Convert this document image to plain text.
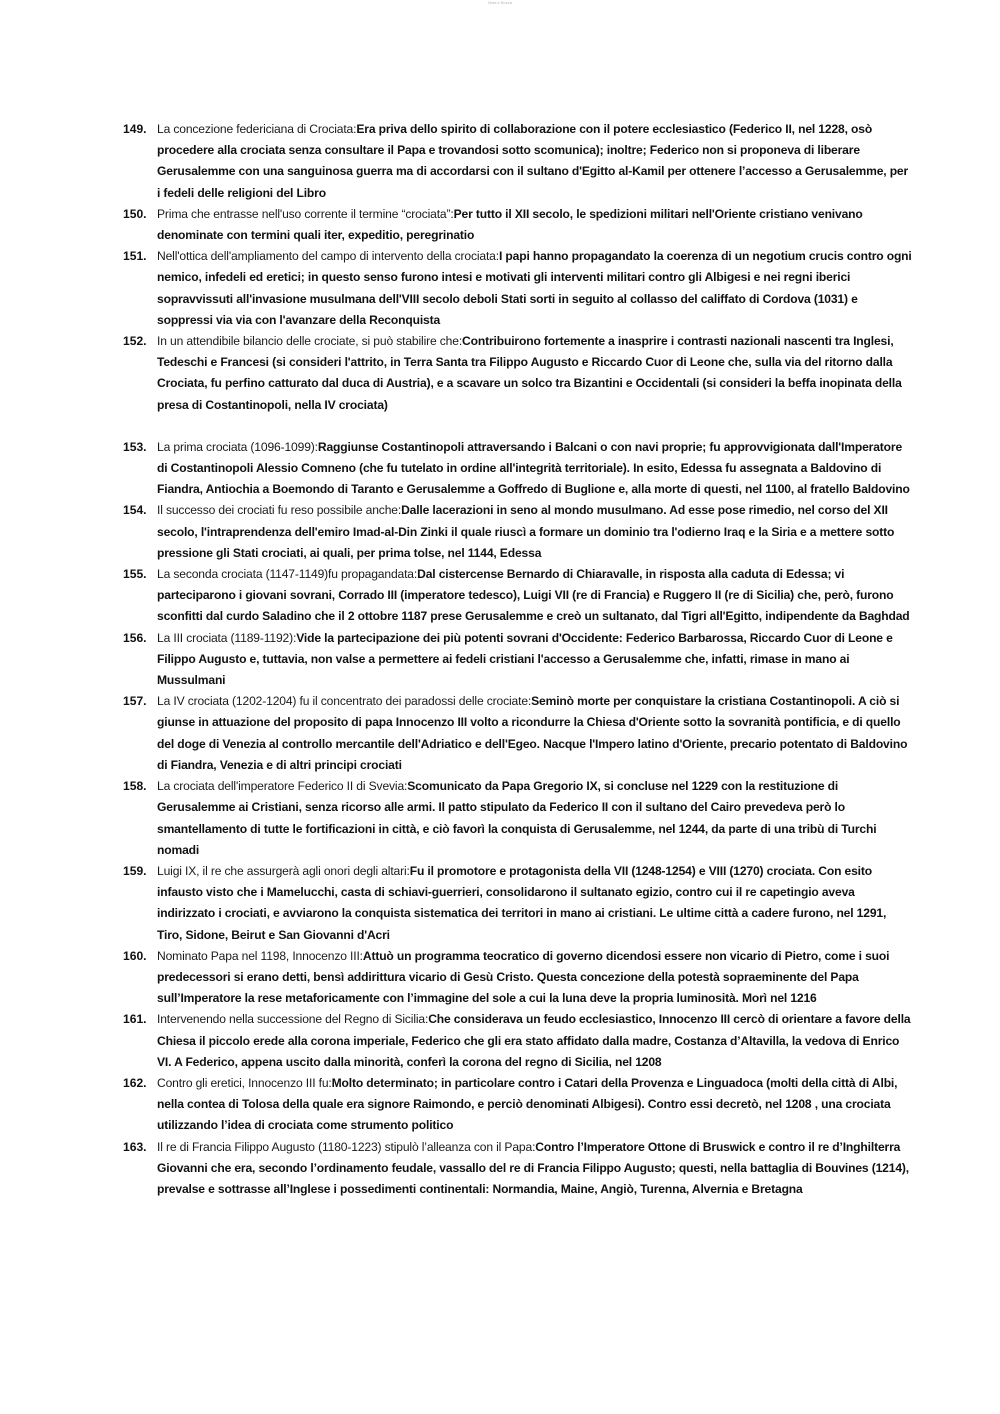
Nota e Bozza
149. La concezione federiciana di Crociata:Era priva dello spirito di collaborazione con il potere ecclesiastico (Federico II, nel 1228, osò procedere alla crociata senza consultare il Papa e trovandosi sotto scomunica); inoltre; Federico non si proponeva di liberare Gerusalemme con una sanguinosa guerra ma di accordarsi con il sultano d'Egitto al-Kamil per ottenere l’accesso a Gerusalemme, per i fedeli delle religioni del Libro
150. Prima che entrasse nell'uso corrente il termine “crociata”:Per tutto il XII secolo, le spedizioni militari nell'Oriente cristiano venivano denominate con termini quali iter, expeditio, peregrinatio
151. Nell'ottica dell'ampliamento del campo di intervento della crociata:I papi hanno propagandato la coerenza di un negotium crucis contro ogni nemico, infedeli ed eretici; in questo senso furono intesi e motivati gli interventi militari contro gli Albigesi e nei regni iberici sopravvissuti all'invasione musulmana dell'VIII secolo deboli Stati sorti in seguito al collasso del califfato di Cordova (1031) e soppressi via via con l'avanzare della Reconquista
152. In un attendibile bilancio delle crociate, si può stabilire che:Contribuirono fortemente a inasprire i contrasti nazionali nascenti tra Inglesi, Tedeschi e Francesi (si consideri l'attrito, in Terra Santa tra Filippo Augusto e Riccardo Cuor di Leone che, sulla via del ritorno dalla Crociata, fu perfino catturato dal duca di Austria), e a scavare un solco tra Bizantini e Occidentali (si consideri la beffa inopinata della presa di Costantinopoli, nella IV crociata)
153. La prima crociata (1096-1099):Raggiunse Costantinopoli attraversando i Balcani o con navi proprie; fu approvvigionata dall'Imperatore di Costantinopoli Alessio Comneno (che fu tutelato in ordine all'integrità territoriale). In esito, Edessa fu assegnata a Baldovino di Fiandra, Antiochia a Boemondo di Taranto e Gerusalemme a Goffredo di Buglione e, alla morte di questi, nel 1100, al fratello Baldovino
154. Il successo dei crociati fu reso possibile anche:Dalle lacerazioni in seno al mondo musulmano. Ad esse pose rimedio, nel corso del XII secolo, l'intraprendenza dell'emiro Imad-al-Din Zinki il quale riuscì a formare un dominio tra l'odierno Iraq e la Siria e a mettere sotto pressione gli Stati crociati, ai quali, per prima tolse, nel 1144, Edessa
155. La seconda crociata (1147-1149)fu propagandata:Dal cistercense Bernardo di Chiaravalle, in risposta alla caduta di Edessa; vi parteciparono i giovani sovrani, Corrado III (imperatore tedesco), Luigi VII (re di Francia) e Ruggero II (re di Sicilia) che, però, furono sconfitti dal curdo Saladino che il 2 ottobre 1187 prese Gerusalemme e creò un sultanato, dal Tigri all'Egitto, indipendente da Baghdad
156. La III crociata (1189-1192):Vide la partecipazione dei più potenti sovrani d'Occidente: Federico Barbarossa, Riccardo Cuor di Leone e Filippo Augusto e, tuttavia, non valse a permettere ai fedeli cristiani l'accesso a Gerusalemme che, infatti, rimase in mano ai Mussulmani
157. La IV crociata (1202-1204) fu il concentrato dei paradossi delle crociate:Seminò morte per conquistare la cristiana Costantinopoli. A ciò si giunse in attuazione del proposito di papa Innocenzo III volto a ricondurre la Chiesa d'Oriente sotto la sovranità pontificia, e di quello del doge di Venezia al controllo mercantile dell'Adriatico e dell'Egeo. Nacque l'Impero latino d'Oriente, precario potentato di Baldovino di Fiandra, Venezia e di altri principi crociati
158. La crociata dell'imperatore Federico II di Svevia:Scomunicato da Papa Gregorio IX, si concluse nel 1229 con la restituzione di Gerusalemme ai Cristiani, senza ricorso alle armi. Il patto stipulato da Federico II con il sultano del Cairo prevedeva però lo smantellamento di tutte le fortificazioni in città, e ciò favorì la conquista di Gerusalemme, nel 1244, da parte di una tribù di Turchi nomadi
159. Luigi IX, il re che assurgerà agli onori degli altari:Fu il promotore e protagonista della VII (1248-1254) e VIII (1270) crociata. Con esito infausto visto che i Mamelucchi, casta di schiavi-guerrieri, consolidarono il sultanato egizio, contro cui il re capetingio aveva indirizzato i crociati, e avviarono la conquista sistematica dei territori in mano ai cristiani. Le ultime città a cadere furono, nel 1291, Tiro, Sidone, Beirut e San Giovanni d'Acri
160. Nominato Papa nel 1198, Innocenzo III:Attuò un programma teocratico di governo dicendosi essere non vicario di Pietro, come i suoi predecessori si erano detti, bensì addirittura vicario di Gesù Cristo. Questa concezione della potestà sopraeminente del Papa sull’Imperatore la rese metaforicamente con l’immagine del sole a cui la luna deve la propria luminosità. Morì nel 1216
161. Intervenendo nella successione del Regno di Sicilia:Che considerava un feudo ecclesiastico, Innocenzo III cercò di orientare a favore della Chiesa il piccolo erede alla corona imperiale, Federico che gli era stato affidato dalla madre, Costanza d’Altavilla, la vedova di Enrico VI. A Federico, appena uscito dalla minorità, conferì la corona del regno di Sicilia, nel 1208
162. Contro gli eretici, Innocenzo III fu:Molto determinato; in particolare contro i Catari della Provenza e Linguadoca (molti della città di Albi, nella contea di Tolosa della quale era signore Raimondo, e perciò denominati Albigesi). Contro essi decretò, nel 1208 , una crociata utilizzando l’idea di crociata come strumento politico
163. Il re di Francia Filippo Augusto (1180-1223) stipulò l’alleanza con il Papa:Contro l’Imperatore Ottone di Bruswick e contro il re d’Inghilterra Giovanni che era, secondo l’ordinamento feudale, vassallo del re di Francia Filippo Augusto; questi, nella battaglia di Bouvines (1214), prevalse e sottrasse all’Inglese i possedimenti continentali: Normandia, Maine, Angiò, Turenna, Alvernia e Bretagna
